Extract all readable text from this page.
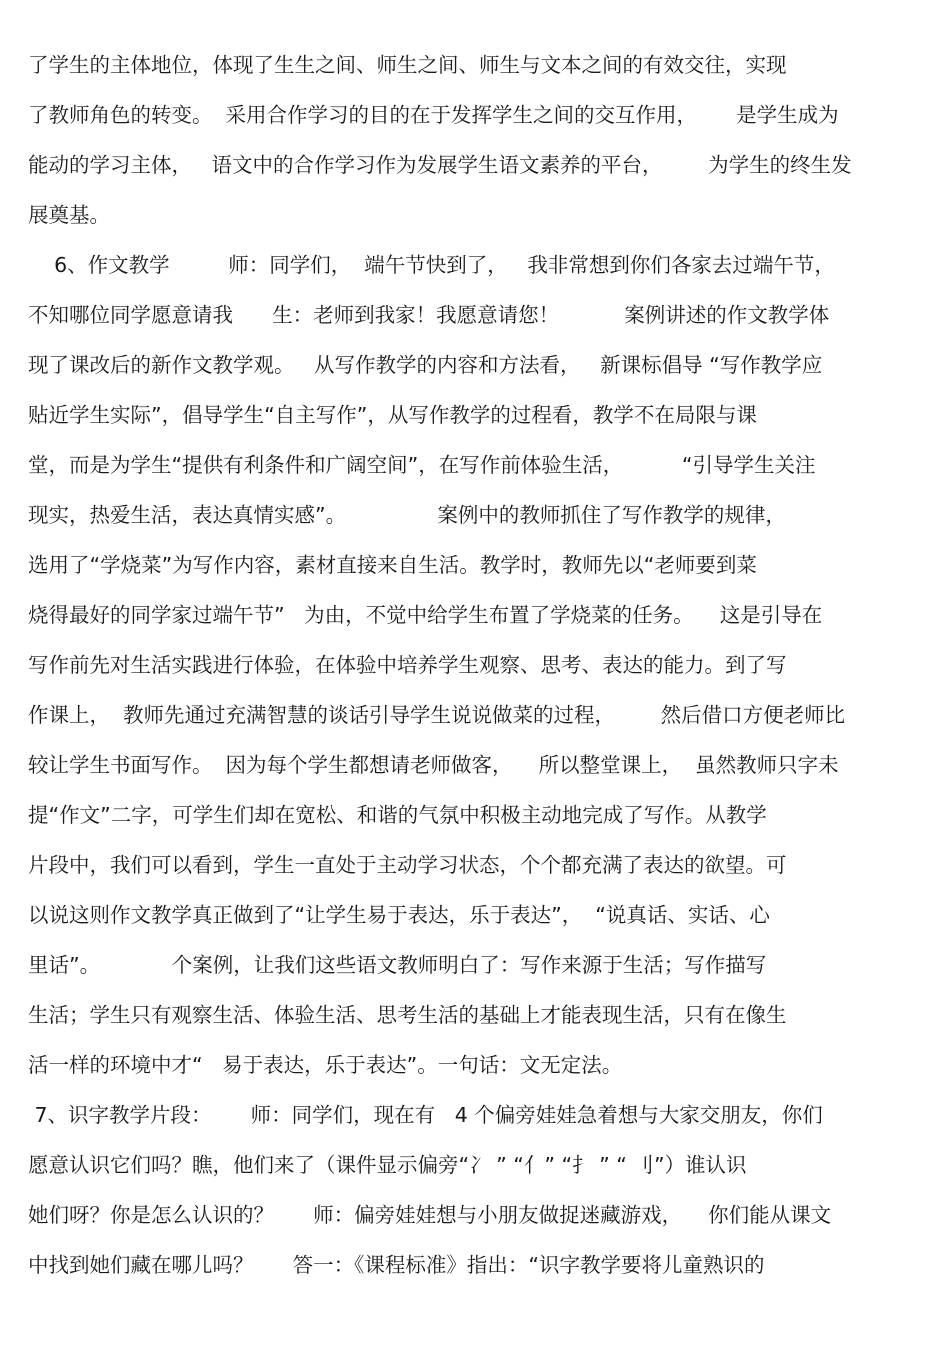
了学生的主体地位，体现了生生之间、师生之间、师生与文本之间的有效交往，实现
了教师角色的转变。  采用合作学习的目的在于发挥学生之间的交互作用，      是学生成为
能动的学习主体，   语文中的合作学习作为发展学生语文素养的平台，       为学生的终生发
展奠基。
6、作文教学         师：同学们，  端午节快到了，   我非常想到你们各家去过端午节，
不知哪位同学愿意请我      生：老师到我家！我愿意请您！          案例讲述的作文教学体
现了课改后的新作文教学观。   从写作教学的内容和方法看，   新课标倡导 “写作教学应
贴近学生实际”，倡导学生“自主写作”，从写作教学的过程看，教学不在局限与课
堂，而是为学生“提供有利条件和广阔空间”，在写作前体验生活，         “引导学生关注
现实，热爱生活，表达真情实感”。              案例中的教师抓住了写作教学的规律，
选用了“学烧菜”为写作内容，素材直接来自生活。教学时，教师先以“老师要到菜
烧得最好的同学家过端午节”   为由，不觉中给学生布置了学烧菜的任务。    这是引导在
写作前先对生活实践进行体验，在体验中培养学生观察、思考、表达的能力。到了写
作课上，  教师先通过充满智慧的谈话引导学生说说做菜的过程，       然后借口方便老师比
较让学生书面写作。  因为每个学生都想请老师做客，    所以整堂课上，  虽然教师只字未
提“作文”二字，可学生们却在宽松、和谐的气氛中积极主动地完成了写作。从教学
片段中，我们可以看到，学生一直处于主动学习状态，个个都充满了表达的欲望。可
以说这则作文教学真正做到了“让学生易于表达，乐于表达”，  “说真话、实话、心
里话”。           个案例，让我们这些语文教师明白了：写作来源于生活；写作描写
生活；学生只有观察生活、体验生活、思考生活的基础上才能表现生活，只有在像生
活一样的环境中才“   易于表达，乐于表达”。一句话：文无定法。
7、识字教学片段：      师：同学们，现在有   4 个偏旁娃娃急着想与大家交朋友，你们
愿意认识它们吗？瞧，他们来了（课件显示偏旁“冫 ” “亻” “扌 ” “ 刂”）谁认识
她们呀？你是怎么认识的？      师：偏旁娃娃想与小朋友做捉迷藏游戏，    你们能从课文
中找到她们藏在哪儿吗？      答一：《课程标准》指出：“识字教学要将儿童熟识的
